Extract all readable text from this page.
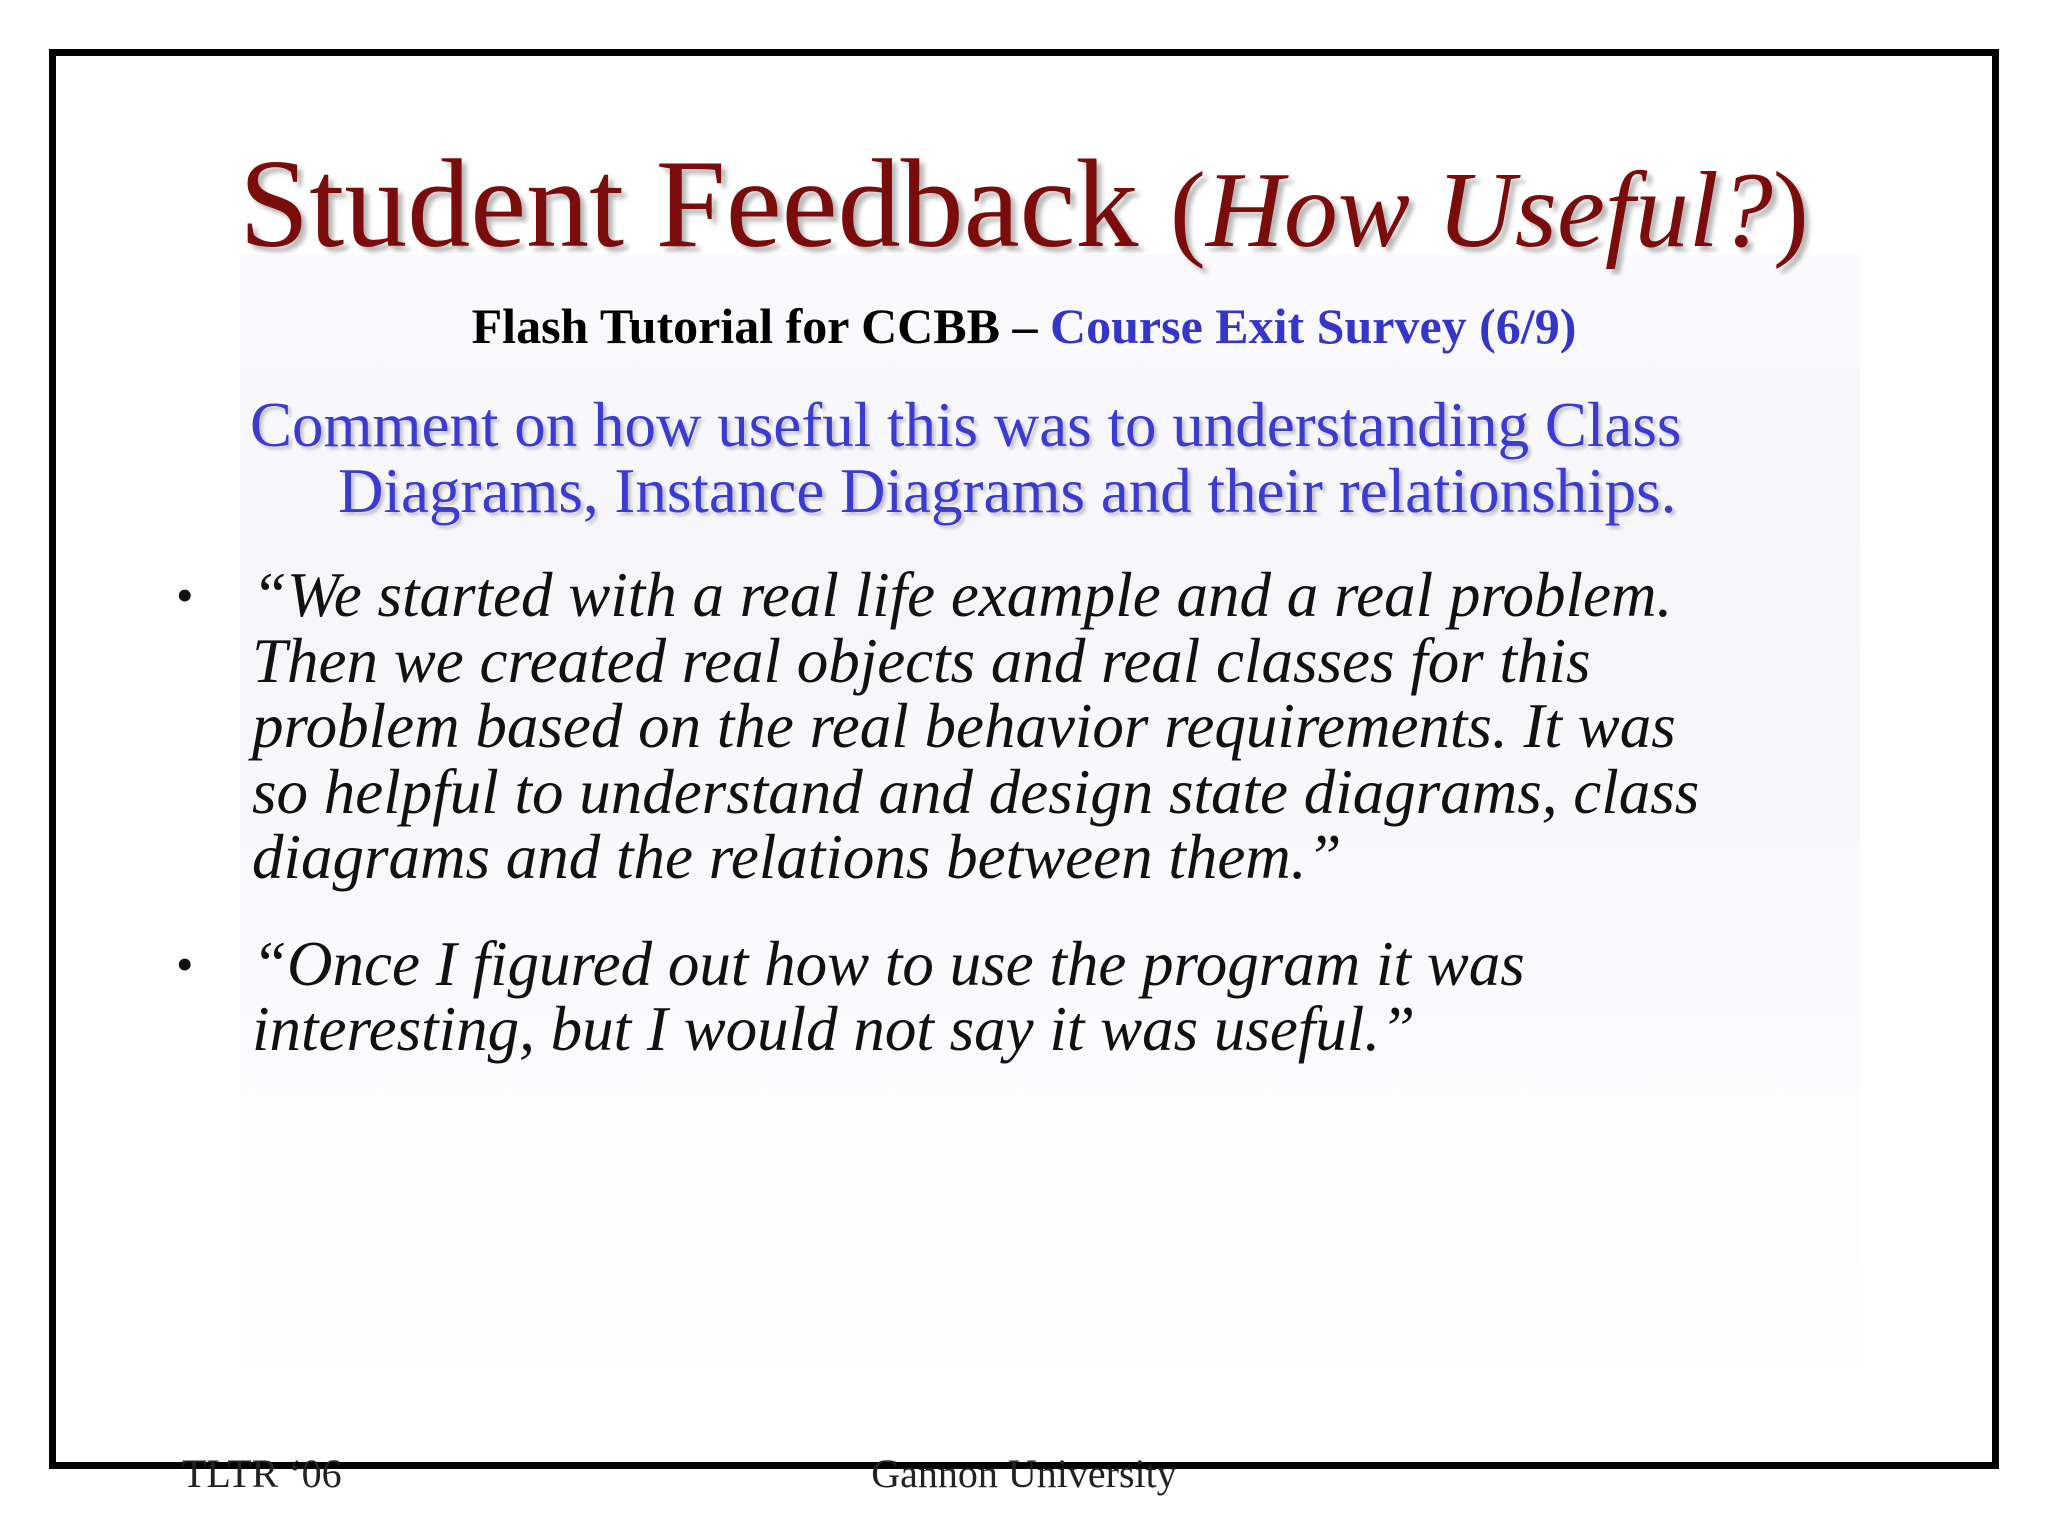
Student Feedback (How Useful?)
Flash Tutorial for CCBB – Course Exit Survey (6/9)
Comment on how useful this was to understanding Class
Diagrams, Instance Diagrams and their relationships.
• “We started with a real life example and a real problem.
Then we created real objects and real classes for this
problem based on the real behavior requirements. It was
so helpful to understand and design state diagrams, class
diagrams and the relations between them.”
• “Once I figured out how to use the program it was
interesting, but I would not say it was useful.”
TLTR ‘06	Gannon University
